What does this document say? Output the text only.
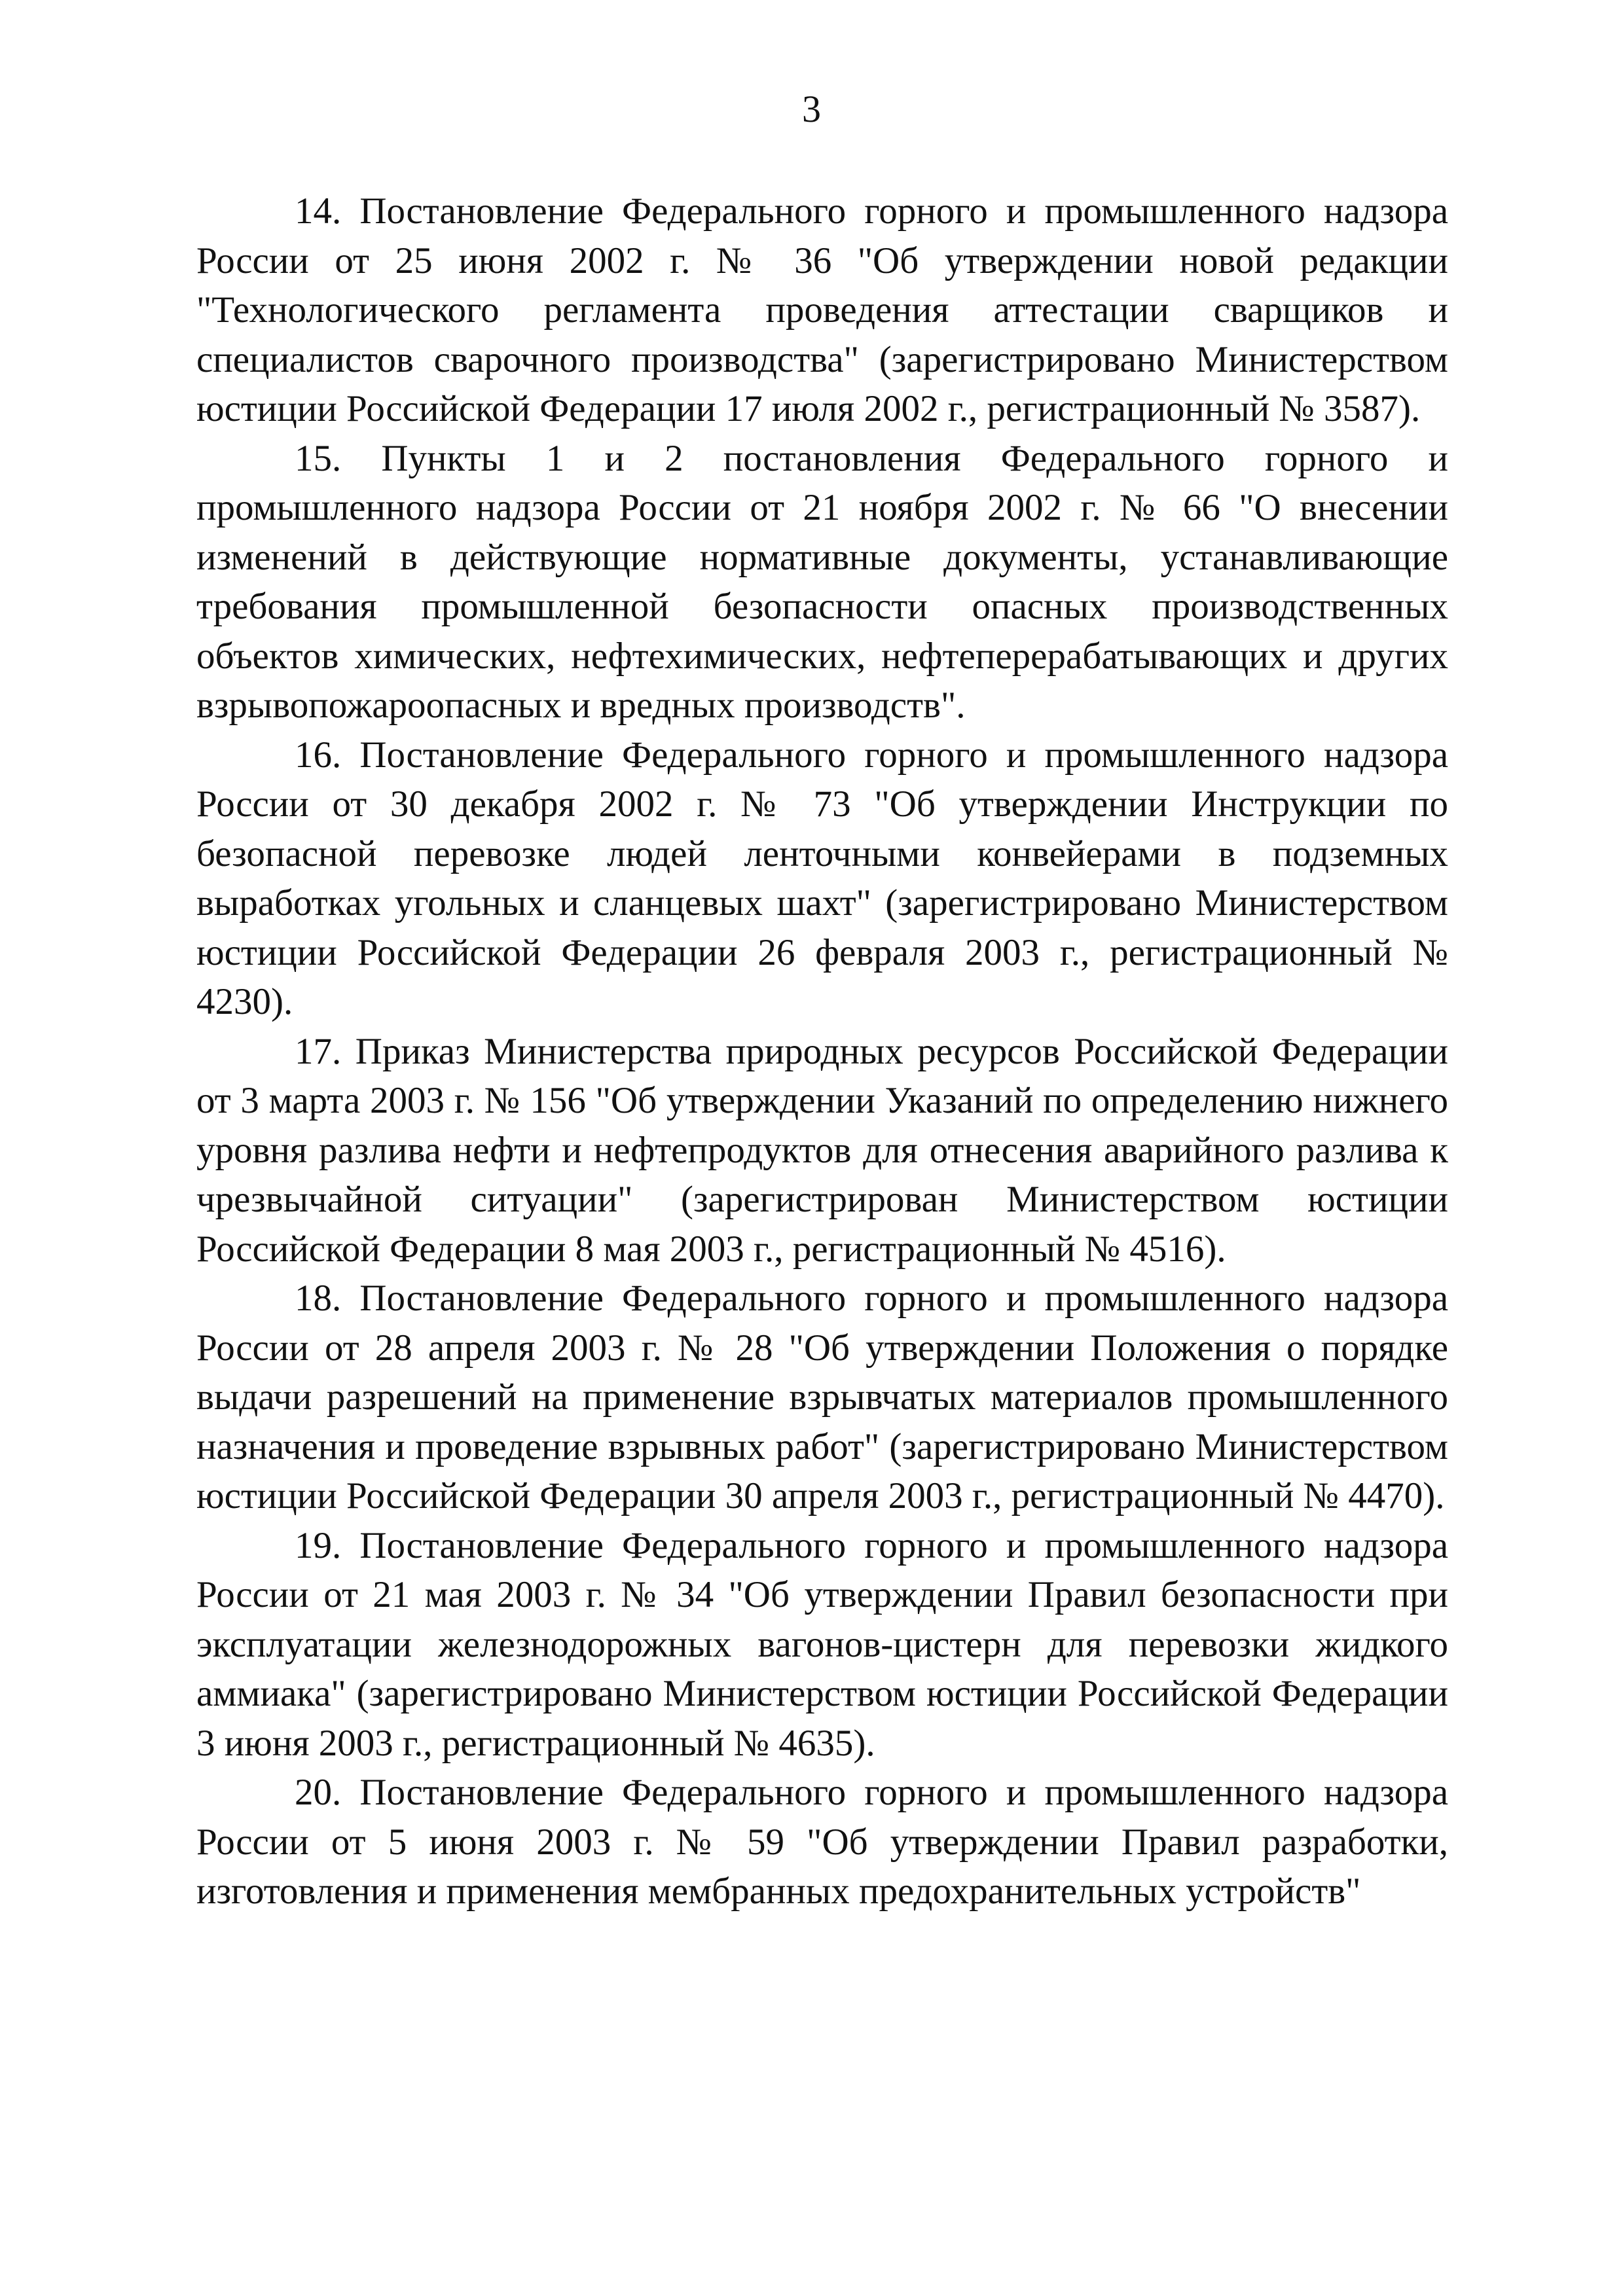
3

14. Постановление Федерального горного и промышленного надзора России от 25 июня 2002 г. № 36 "Об утверждении новой редакции "Технологического регламента проведения аттестации сварщиков и специалистов сварочного производства" (зарегистрировано Министерством юстиции Российской Федерации 17 июля 2002 г., регистрационный № 3587).

15. Пункты 1 и 2 постановления Федерального горного и промышленного надзора России от 21 ноября 2002 г. № 66 "О внесении изменений в действующие нормативные документы, устанавливающие требования промышленной безопасности опасных производственных объектов химических, нефтехимических, нефтеперерабатывающих и других взрывопожароопасных и вредных производств".

16. Постановление Федерального горного и промышленного надзора России от 30 декабря 2002 г. № 73 "Об утверждении Инструкции по безопасной перевозке людей ленточными конвейерами в подземных выработках угольных и сланцевых шахт" (зарегистрировано Министерством юстиции Российской Федерации 26 февраля 2003 г., регистрационный № 4230).

17. Приказ Министерства природных ресурсов Российской Федерации от 3 марта 2003 г. № 156 "Об утверждении Указаний по определению нижнего уровня разлива нефти и нефтепродуктов для отнесения аварийного разлива к чрезвычайной ситуации" (зарегистрирован Министерством юстиции Российской Федерации 8 мая 2003 г., регистрационный № 4516).

18. Постановление Федерального горного и промышленного надзора России от 28 апреля 2003 г. № 28 "Об утверждении Положения о порядке выдачи разрешений на применение взрывчатых материалов промышленного назначения и проведение взрывных работ" (зарегистрировано Министерством юстиции Российской Федерации 30 апреля 2003 г., регистрационный № 4470).

19. Постановление Федерального горного и промышленного надзора России от 21 мая 2003 г. № 34 "Об утверждении Правил безопасности при эксплуатации железнодорожных вагонов-цистерн для перевозки жидкого аммиака" (зарегистрировано Министерством юстиции Российской Федерации 3 июня 2003 г., регистрационный № 4635).

20. Постановление Федерального горного и промышленного надзора России от 5 июня 2003 г. № 59 "Об утверждении Правил разработки, изготовления и применения мембранных предохранительных устройств"
